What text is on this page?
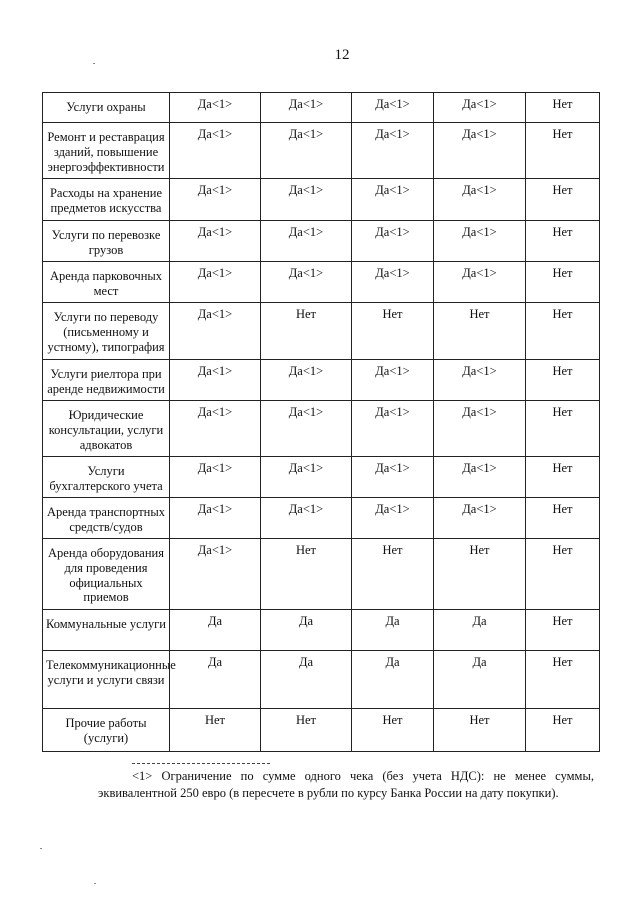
12
Услуги охраны	Да<1>	Да<1>	Да<1>	Да<1>	Нет
Ремонт и реставрация зданий, повышение энергоэффективности	Да<1>	Да<1>	Да<1>	Да<1>	Нет
Расходы на хранение предметов искусства	Да<1>	Да<1>	Да<1>	Да<1>	Нет
Услуги по перевозке грузов	Да<1>	Да<1>	Да<1>	Да<1>	Нет
Аренда парковочных мест	Да<1>	Да<1>	Да<1>	Да<1>	Нет
Услуги по переводу (письменному и устному), типография	Да<1>	Нет	Нет	Нет	Нет
Услуги риелтора при аренде недвижимости	Да<1>	Да<1>	Да<1>	Да<1>	Нет
Юридические консультации, услуги адвокатов	Да<1>	Да<1>	Да<1>	Да<1>	Нет
Услуги бухгалтерского учета	Да<1>	Да<1>	Да<1>	Да<1>	Нет
Аренда транспортных средств/судов	Да<1>	Да<1>	Да<1>	Да<1>	Нет
Аренда оборудования для проведения официальных приемов	Да<1>	Нет	Нет	Нет	Нет
Коммунальные услуги	Да	Да	Да	Да	Нет
Телекоммуникационные услуги и услуги связи	Да	Да	Да	Да	Нет
Прочие работы (услуги)	Нет	Нет	Нет	Нет	Нет
<1> Ограничение по сумме одного чека (без учета НДС): не менее суммы, эквивалентной 250 евро (в пересчете в рубли по курсу Банка России на дату покупки).
